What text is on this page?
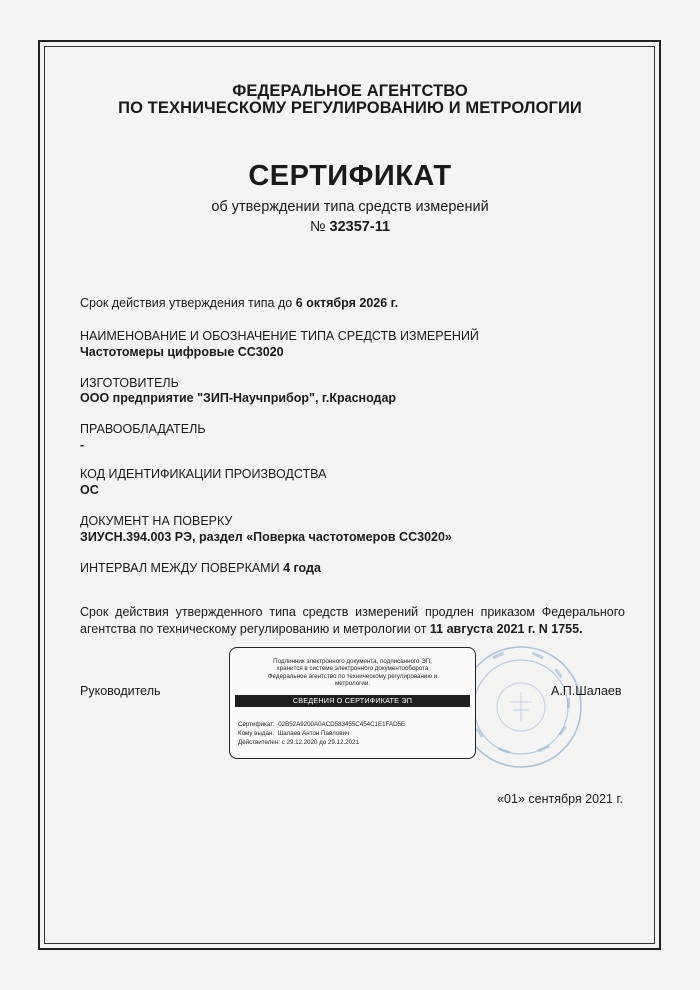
ФЕДЕРАЛЬНОЕ АГЕНТСТВО
ПО ТЕХНИЧЕСКОМУ РЕГУЛИРОВАНИЮ И МЕТРОЛОГИИ
СЕРТИФИКАТ
об утверждении типа средств измерений
№ 32357-11
Срок действия утверждения типа до 6 октября 2026 г.
НАИМЕНОВАНИЕ И ОБОЗНАЧЕНИЕ ТИПА СРЕДСТВ ИЗМЕРЕНИЙ
Частотомеры цифровые СС3020
ИЗГОТОВИТЕЛЬ
ООО предприятие "ЗИП-Научприбор", г.Краснодар
ПРАВООБЛАДАТЕЛЬ
-
КОД ИДЕНТИФИКАЦИИ ПРОИЗВОДСТВА
ОС
ДОКУМЕНТ НА ПОВЕРКУ
ЗИУСН.394.003 РЭ, раздел «Поверка частотомеров СС3020»
ИНТЕРВАЛ МЕЖДУ ПОВЕРКАМИ 4 года
Срок действия утвержденного типа средств измерений продлен приказом Федерального
агентства по техническому регулированию и метрологии от 11 августа 2021 г. N 1755.
Руководитель
Подлинник электронного документа, подписанного ЭП,
хранится в системе электронного документооборота
Федеральное агентство по техническому регулированию и
метрологии.
СВЕДЕНИЯ О СЕРТИФИКАТЕ ЭП
Сертификат: 02B52A9200A0ACD583455C454C1E1FAD5E
Кому выдан: Шалаев Антон Павлович
Действителен: с 29.12.2020 до 29.12.2021
А.П.Шалаев
«01» сентября 2021 г.
